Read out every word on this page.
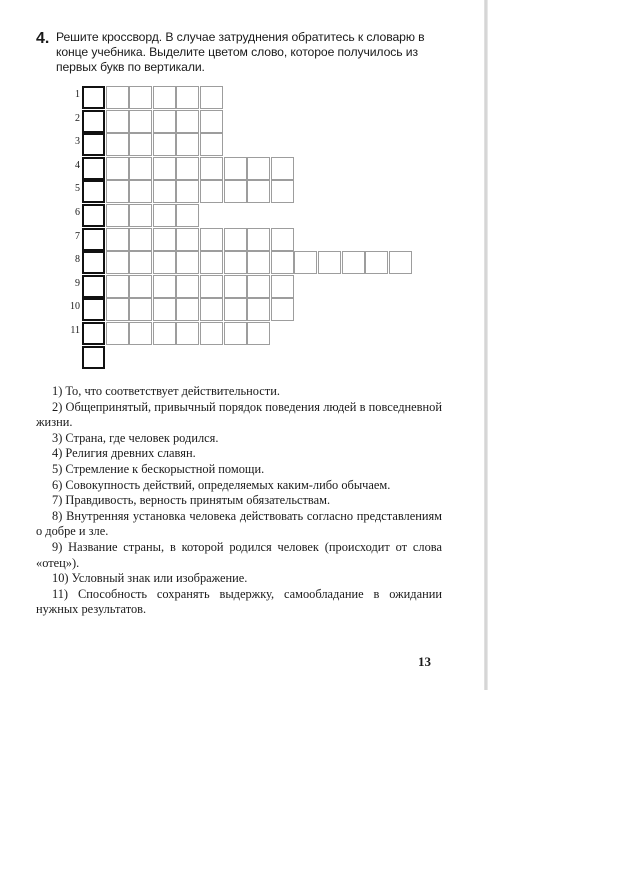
4. Решите кроссворд. В случае затруднения обратитесь к словарю в конце учебника. Выделите цветом слово, которое получилось из первых букв по вертикали.
1
2
3
4
5
6
7
8
9
10
11
1) То, что соответствует действительности.
2) Общепринятый, привычный порядок поведения людей в повседневной жизни.
3) Страна, где человек родился.
4) Религия древних славян.
5) Стремление к бескорыстной помощи.
6) Совокупность действий, определяемых каким-либо обычаем.
7) Правдивость, верность принятым обязательствам.
8) Внутренняя установка человека действовать согласно представлениям о добре и зле.
9) Название страны, в которой родился человек (происходит от слова «отец»).
10) Условный знак или изображение.
11) Способность сохранять выдержку, самообладание в ожидании нужных результатов.
13
